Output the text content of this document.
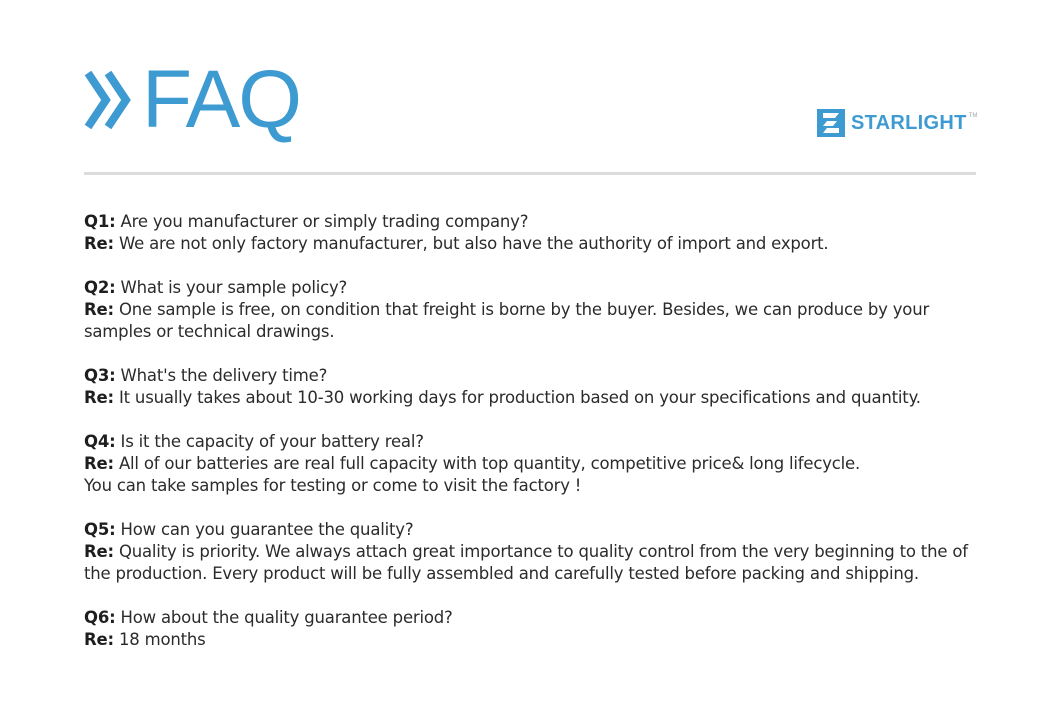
FAQ	STARLIGHT TM
Q1: Are you manufacturer or simply trading company?
Re: We are not only factory manufacturer, but also have the authority of import and export.
Q2: What is your sample policy?
Re: One sample is free, on condition that freight is borne by the buyer. Besides, we can produce by your
samples or technical drawings.
Q3: What's the delivery time?
Re: It usually takes about 10-30 working days for production based on your specifications and quantity.
Q4: Is it the capacity of your battery real?
Re: All of our batteries are real full capacity with top quantity, competitive price& long lifecycle.
You can take samples for testing or come to visit the factory !
Q5: How can you guarantee the quality?
Re: Quality is priority. We always attach great importance to quality control from the very beginning to the of
the production. Every product will be fully assembled and carefully tested before packing and shipping.
Q6: How about the quality guarantee period?
Re: 18 months
